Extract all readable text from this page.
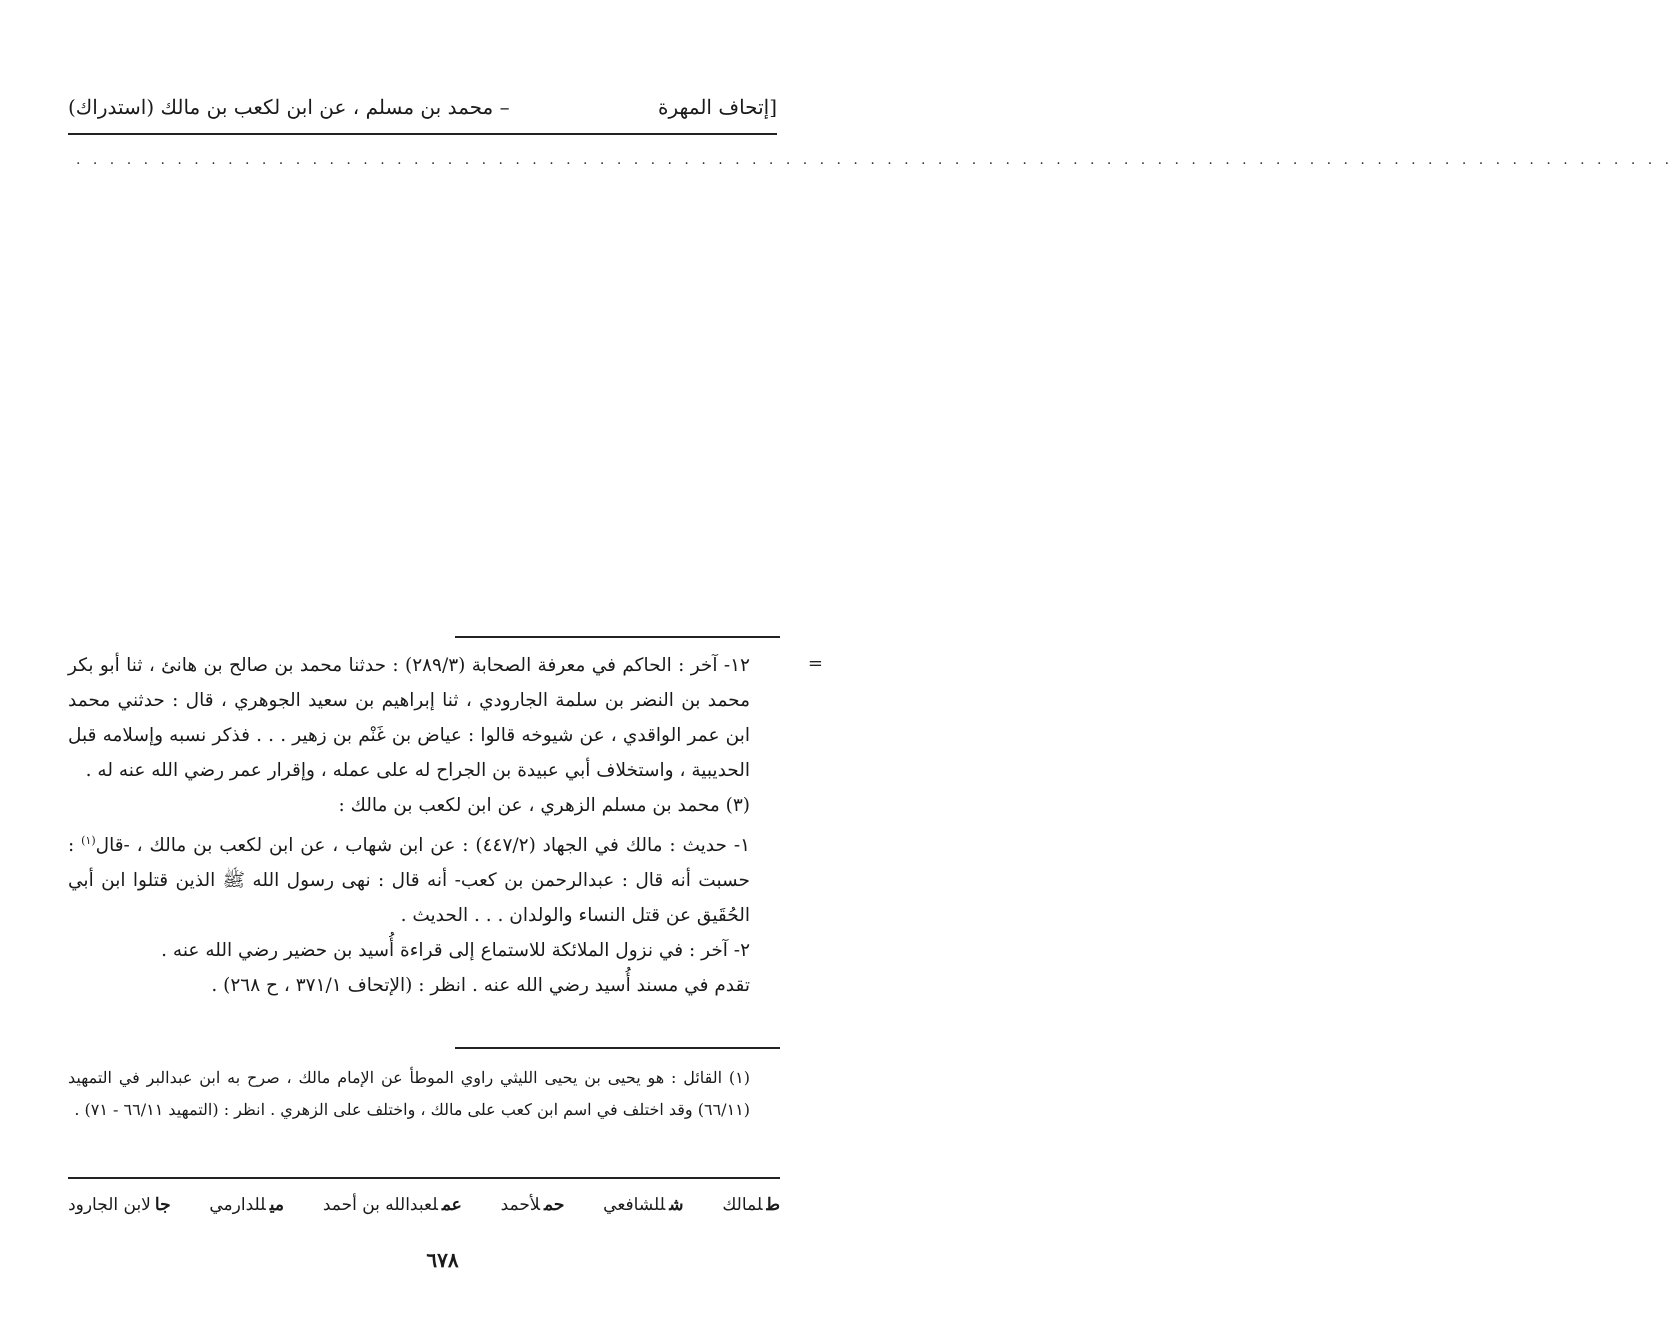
– محمد بن مسلم ، عن ابن لكعب بن مالك (استدراك)	[إتحاف المهرة
. . . . . . . . . . . . . . . . . . . . . . . . . . . . . . . . . . . . . . . . . . . . . . . . . . . . . . . . . . . . . . . . . . . . . . . . . . . . . . . . . . . . . . . . . . . . . . .
=

١٢- آخر : الحاكم في معرفة الصحابة (٢٨٩/٣) : حدثنا محمد بن صالح بن هانئ ، ثنا أبو بكر محمد بن النضر بن سلمة الجارودي ، ثنا إبراهيم بن سعيد الجوهري ، قال : حدثني محمد ابن عمر الواقدي ، عن شيوخه قالوا : عياض بن غَنْم بن زهير . . . فذكر نسبه وإسلامه قبل الحديبية ، واستخلاف أبي عبيدة بن الجراح له على عمله ، وإقرار عمر رضي الله عنه له .

(٣) محمد بن مسلم الزهري ، عن ابن لكعب بن مالك :

١- حديث : مالك في الجهاد (٤٤٧/٢) : عن ابن شهاب ، عن ابن لكعب بن مالك ، -قال$^{(١)}$ : حسبت أنه قال : عبدالرحمن بن كعب- أنه قال : نهى رسول الله ﷺ الذين قتلوا ابن أبي الحُقَيق عن قتل النساء والولدان . . . الحديث .

٢- آخر : في نزول الملائكة للاستماع إلى قراءة أُسيد بن حضير رضي الله عنه .

تقدم في مسند أُسيد رضي الله عنه . انظر : (الإتحاف ٣٧١/١ ، ح ٢٦٨) .

(١) القائل : هو يحيى بن يحيى الليثي راوي الموطأ عن الإمام مالك ، صرح به ابن عبدالبر في التمهيد (٦٦/١١) وقد اختلف في اسم ابن كعب على مالك ، واختلف على الزهري . انظر : (التمهيد ٦٦/١١ - ٧١) .

طلمالك
شللشافعي
حملأحمد
عملعبدالله بن أحمد
ميللدارمي
جالابن الجارود
٦٧٨
